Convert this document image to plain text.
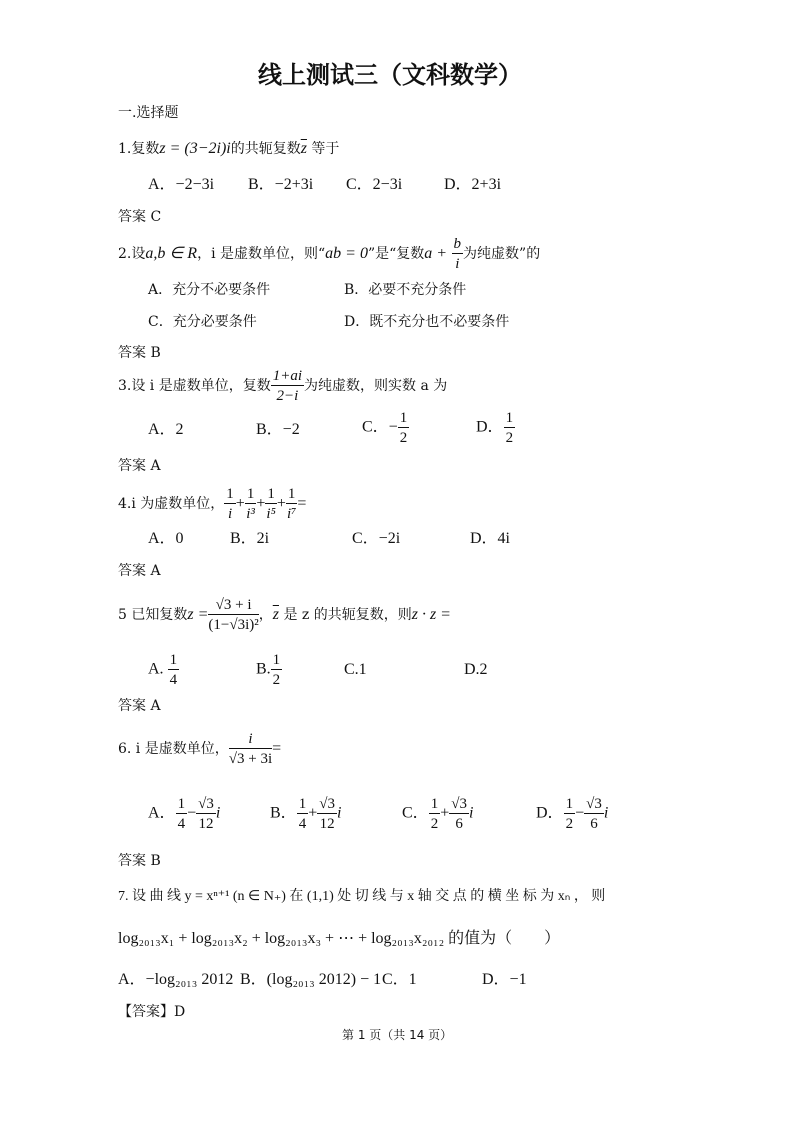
线上测试三（文科数学）
一.选择题
1.复数z = (3−2i)i的共轭复数$\overline{z}$ 等于
A．−2−3i B．−2+3i C．2−3i	D．2+3i
答案 C
2.设a,b ∈ R，i 是虚数单位，则“ab = 0”是“复数$a + \frac{b}{i}$ 为纯虚数”的
A．充分不必要条件	B．必要不充分条件
C．充分必要条件	D．既不充分也不必要条件
答案 B
3.设 i 是虚数单位，复数 $\frac{1+ai}{2-i}$ 为纯虚数，则实数 a 为
A．2	B．−2	C．− $\frac{1}{2}$	D． $\frac{1}{2}$
答案 A
4.i 为虚数单位， $\frac{1}{i} + \frac{1}{\text{i³}} + \frac{1}{\text{i⁵}} + \frac{1}{\text{i⁷}}$ =
A．0	B．2i	C．−2i	D．4i
答案 A
5 已知复数$z = \frac{√3 + i}{\text{(1−√3i)²}}$ ，$\overline{z}$ 是 z 的共轭复数，则z · z =
A. $\frac{1}{4}$	B. $\frac{1}{2}$	C.1	D.2
答案 A
6. i 是虚数单位， $\frac{i}{√3 + 3i}$ =
A． $\frac{1}{4} - \frac{√3}{12}$ i	B． $\frac{1}{4} + \frac{√3}{12}$ i	C． $\frac{1}{2} + \frac{√3}{6}$ i	D． $\frac{1}{2} - \frac{√3}{6}$ i
答案 B
7. 设 曲 线 y = xⁿ⁺¹ (n ∈ N₊) 在 (1,1) 处 切 线 与 x 轴 交 点 的 横 坐 标 为 xₙ ， 则
log₂₀₁₃x₁ + log₂₀₁₃x₂ + log₂₀₁₃x₃ + ⋯ + log₂₀₁₃x₂₀₁₂ 的值为（　　）
A．−log₂₀₁₃ 2012 B．(log₂₀₁₃ 2012) − 1 C．1	D．−1
【答案】D
第 1 页（共 14 页）
